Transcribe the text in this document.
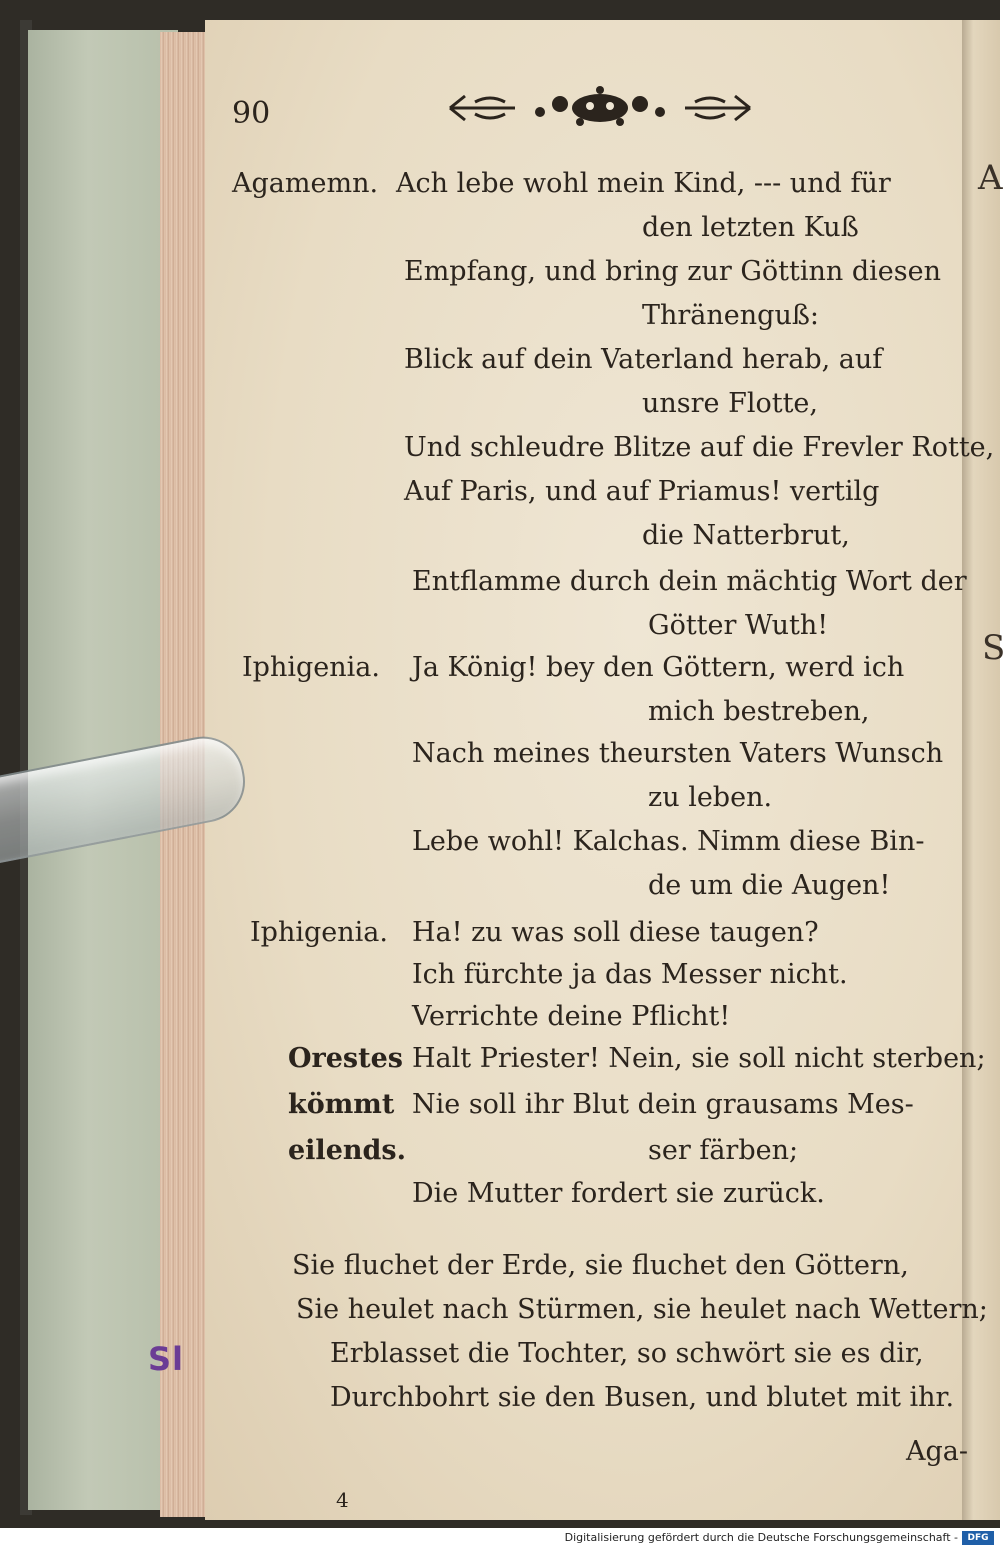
A
S
Sl
90
Agamemn.
Iphigenia.
Iphigenia.
Orestes
kömmt
eilends.
Ach lebe wohl mein Kind, --- und für
den letzten Kuß
Empfang, und bring zur Göttinn diesen
Thränenguß:
Blick auf dein Vaterland herab, auf
unsre Flotte,
Und schleudre Blitze auf die Frevler Rotte,
Auf Paris, und auf Priamus! vertilg
die Natterbrut,
Entflamme durch dein mächtig Wort der
Götter Wuth!
Ja König! bey den Göttern, werd ich
mich bestreben,
Nach meines theursten Vaters Wunsch
zu leben.
Lebe wohl! Kalchas. Nimm diese Bin-
de um die Augen!
Ha! zu was soll diese taugen?
Ich fürchte ja das Messer nicht.
Verrichte deine Pflicht!
Halt Priester! Nein, sie soll nicht sterben;
Nie soll ihr Blut dein grausams Mes-
ser färben;
Die Mutter fordert sie zurück.
Sie fluchet der Erde, sie fluchet den Göttern,
Sie heulet nach Stürmen, sie heulet nach Wettern;
Erblasset die Tochter, so schwört sie es dir,
Durchbohrt sie den Busen, und blutet mit ihr.
Aga-
4
Digitalisierung gefördert durch die Deutsche Forschungsgemeinschaft -	DFG
